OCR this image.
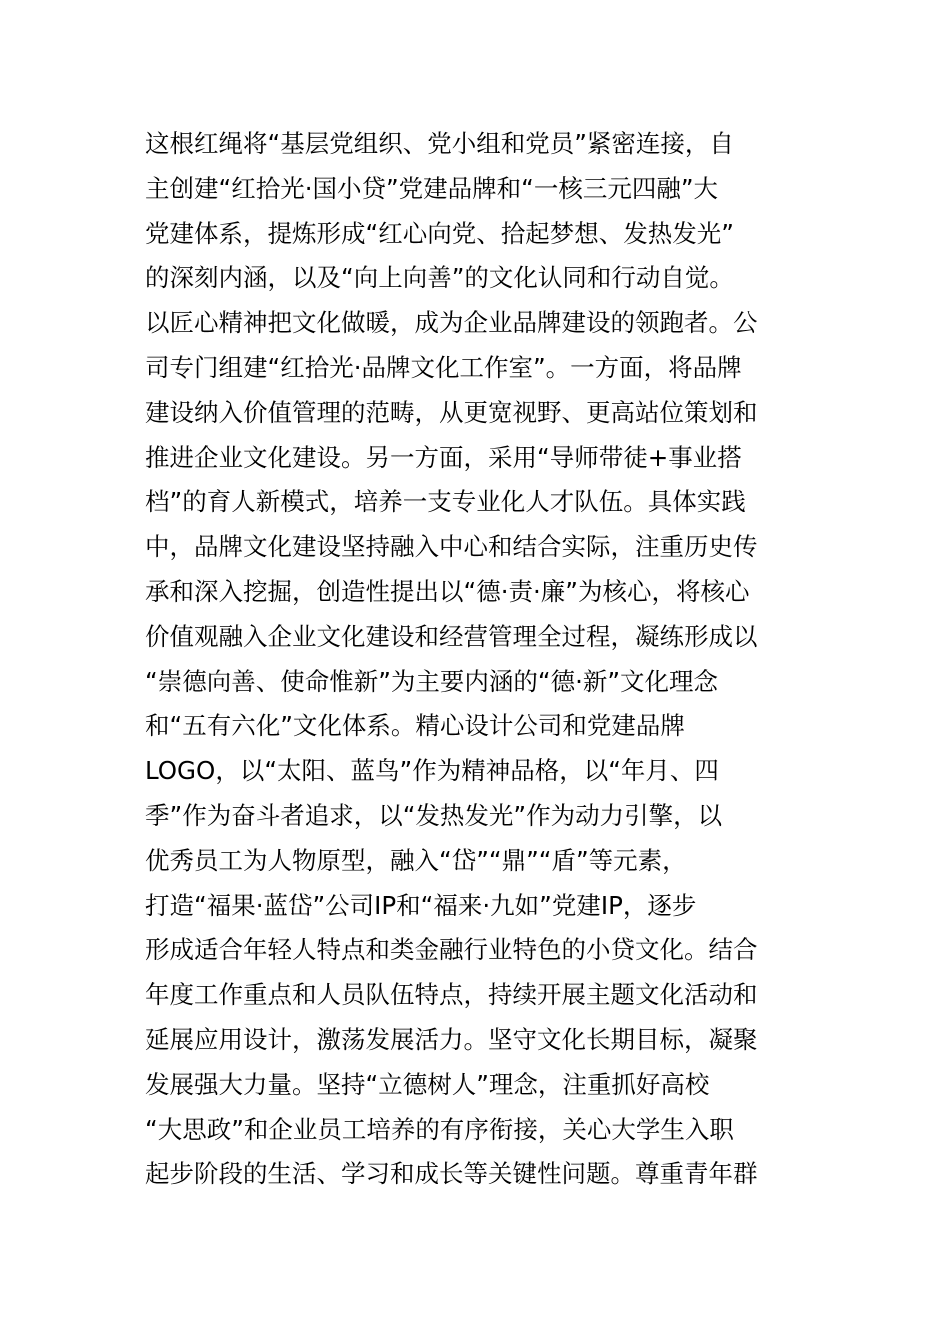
这根红绳将“基层党组织、党小组和党员”紧密连接，自
主创建“红拾光·国小贷”党建品牌和“一核三元四融”大
党建体系，提炼形成“红心向党、拾起梦想、发热发光”
的深刻内涵，以及“向上向善”的文化认同和行动自觉。
以匠心精神把文化做暖，成为企业品牌建设的领跑者。公
司专门组建“红拾光·品牌文化工作室”。一方面，将品牌
建设纳入价值管理的范畴，从更宽视野、更高站位策划和
推进企业文化建设。另一方面，采用“导师带徒+事业搭
档”的育人新模式，培养一支专业化人才队伍。具体实践
中，品牌文化建设坚持融入中心和结合实际，注重历史传
承和深入挖掘，创造性提出以“德·责·廉”为核心，将核心
价值观融入企业文化建设和经营管理全过程，凝练形成以
“崇德向善、使命惟新”为主要内涵的“德·新”文化理念
和“五有六化”文化体系。精心设计公司和党建品牌
LOGO，以“太阳、蓝鸟”作为精神品格，以“年月、四
季”作为奋斗者追求，以“发热发光”作为动力引擎，以
优秀员工为人物原型，融入“岱”“鼎”“盾”等元素，
打造“福果·蓝岱”公司IP和“福来·九如”党建IP，逐步
形成适合年轻人特点和类金融行业特色的小贷文化。结合
年度工作重点和人员队伍特点，持续开展主题文化活动和
延展应用设计，激荡发展活力。坚守文化长期目标，凝聚
发展强大力量。坚持“立德树人”理念，注重抓好高校
“大思政”和企业员工培养的有序衔接，关心大学生入职
起步阶段的生活、学习和成长等关键性问题。尊重青年群
